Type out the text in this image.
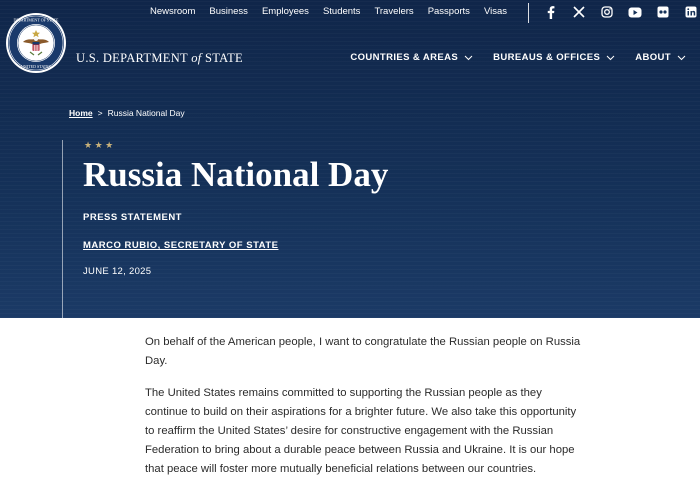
Newsroom Business Employees Students Travelers Passports Visas
DEPARTMENT OF STATE
UNITED STATES
U.S. DEPARTMENT of STATE	COUNTRIES & AREAS	BUREAUS & OFFICES	ABOUT
Home > Russia National Day
★ ★ ★
Russia National Day
PRESS STATEMENT
MARCO RUBIO, SECRETARY OF STATE
JUNE 12, 2025

On behalf of the American people, I want to congratulate the Russian people on Russia Day.

The United States remains committed to supporting the Russian people as they continue to build on their aspirations for a brighter future. We also take this opportunity to reaffirm the United States’ desire for constructive engagement with the Russian Federation to bring about a durable peace between Russia and Ukraine. It is our hope that peace will foster more mutually beneficial relations between our countries.
